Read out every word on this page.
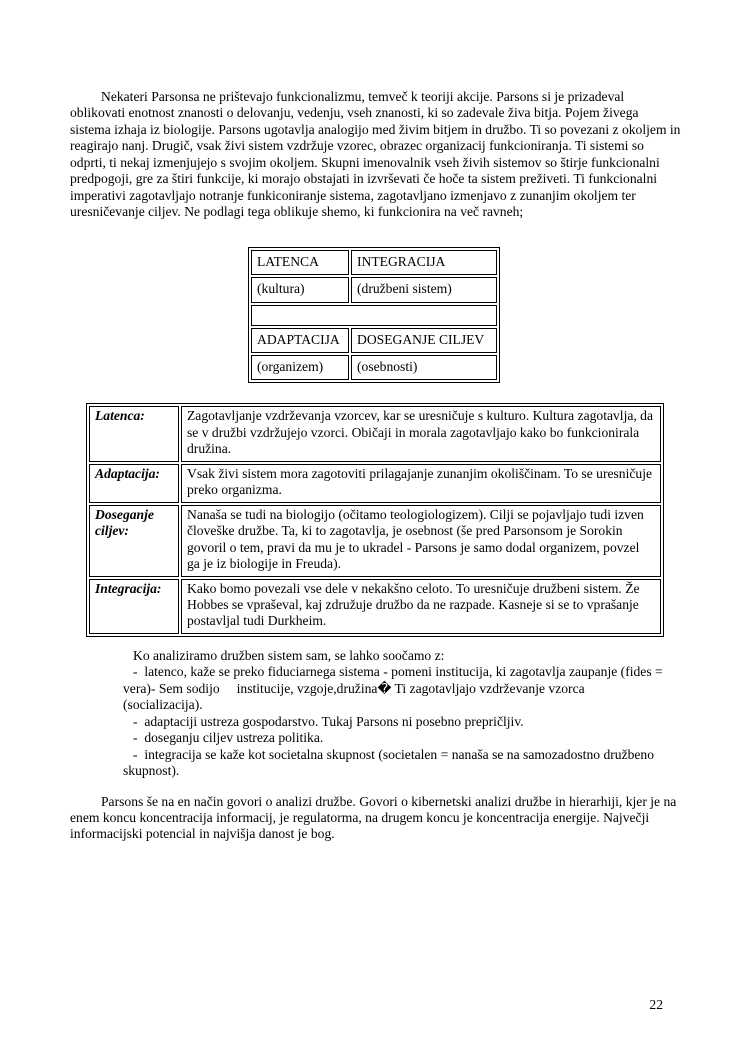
Nekateri Parsonsa ne prištevajo funkcionalizmu, temveč k teoriji akcije. Parsons si je prizadeval oblikovati enotnost znanosti o delovanju, vedenju, vseh znanosti, ki so zadevale živa bitja. Pojem živega sistema izhaja iz biologije. Parsons ugotavlja analogijo med živim bitjem in družbo. Ti so povezani z okoljem in reagirajo nanj. Drugič, vsak živi sistem vzdržuje vzorec, obrazec organizacij funkcioniranja. Ti sistemi so odprti, ti nekaj izmenjujejo s svojim okoljem. Skupni imenovalnik vseh živih sistemov so štirje funkcionalni predpogoji, gre za štiri funkcije, ki morajo obstajati in izvrševati če hoče ta sistem preživeti. Ti funkcionalni imperativi zagotavljajo notranje funkiconiranje sistema, zagotavljano izmenjavo z zunanjim okoljem ter uresničevanje ciljev. Ne podlagi tega oblikuje shemo, ki funkcionira na več ravneh;

LATENCA	INTEGRACIJA
(kultura)	(družbeni sistem)

ADAPTACIJA	DOSEGANJE CILJEV
(organizem)	(osebnosti)
Latenca:	Zagotavljanje vzdrževanja vzorcev, kar se uresničuje s kulturo. Kultura zagotavlja, da se v družbi vzdržujejo vzorci. Običaji in morala zagotavljajo kako bo funkcionirala družina.
Adaptacija:	Vsak živi sistem mora zagotoviti prilagajanje zunanjim okoliščinam. To se uresničuje preko organizma.
Doseganje ciljev:	Nanaša se tudi na biologijo (očitamo teologiologizem). Cilji se pojavljajo tudi izven človeške družbe. Ta, ki to zagotavlja, je osebnost (še pred Parsonsom je Sorokin govoril o tem, pravi da mu je to ukradel - Parsons je samo dodal organizem, povzel ga je iz biologije in Freuda).
Integracija:	Kako bomo povezali vse dele v nekakšno celoto. To uresničuje družbeni sistem. Že Hobbes se vpraševal, kaj združuje družbo da ne razpade. Kasneje si se to vprašanje postavljal tudi Durkheim.

Ko analiziramo družben sistem sam, se lahko soočamo z:

-  latenco, kaže se preko fiduciarnega sistema - pomeni institucija, ki zagotavlja zaupanje (fides = vera)- Sem sodijo     institucije, vzgoje,družina� Ti zagotavljajo vzdrževanje vzorca (socializacija).

-  adaptaciji ustreza gospodarstvo. Tukaj Parsons ni posebno prepričljiv.

-  doseganju ciljev ustreza politika.

-  integracija se kaže kot societalna skupnost (societalen = nanaša se na samozadostno družbeno skupnost).

Parsons še na en način govori o analizi družbe. Govori o kibernetski analizi družbe in hierarhiji, kjer je na enem koncu koncentracija informacij, je regulatorma, na drugem koncu je koncentracija energije. Največji informacijski potencial in najvišja danost je bog.

22
